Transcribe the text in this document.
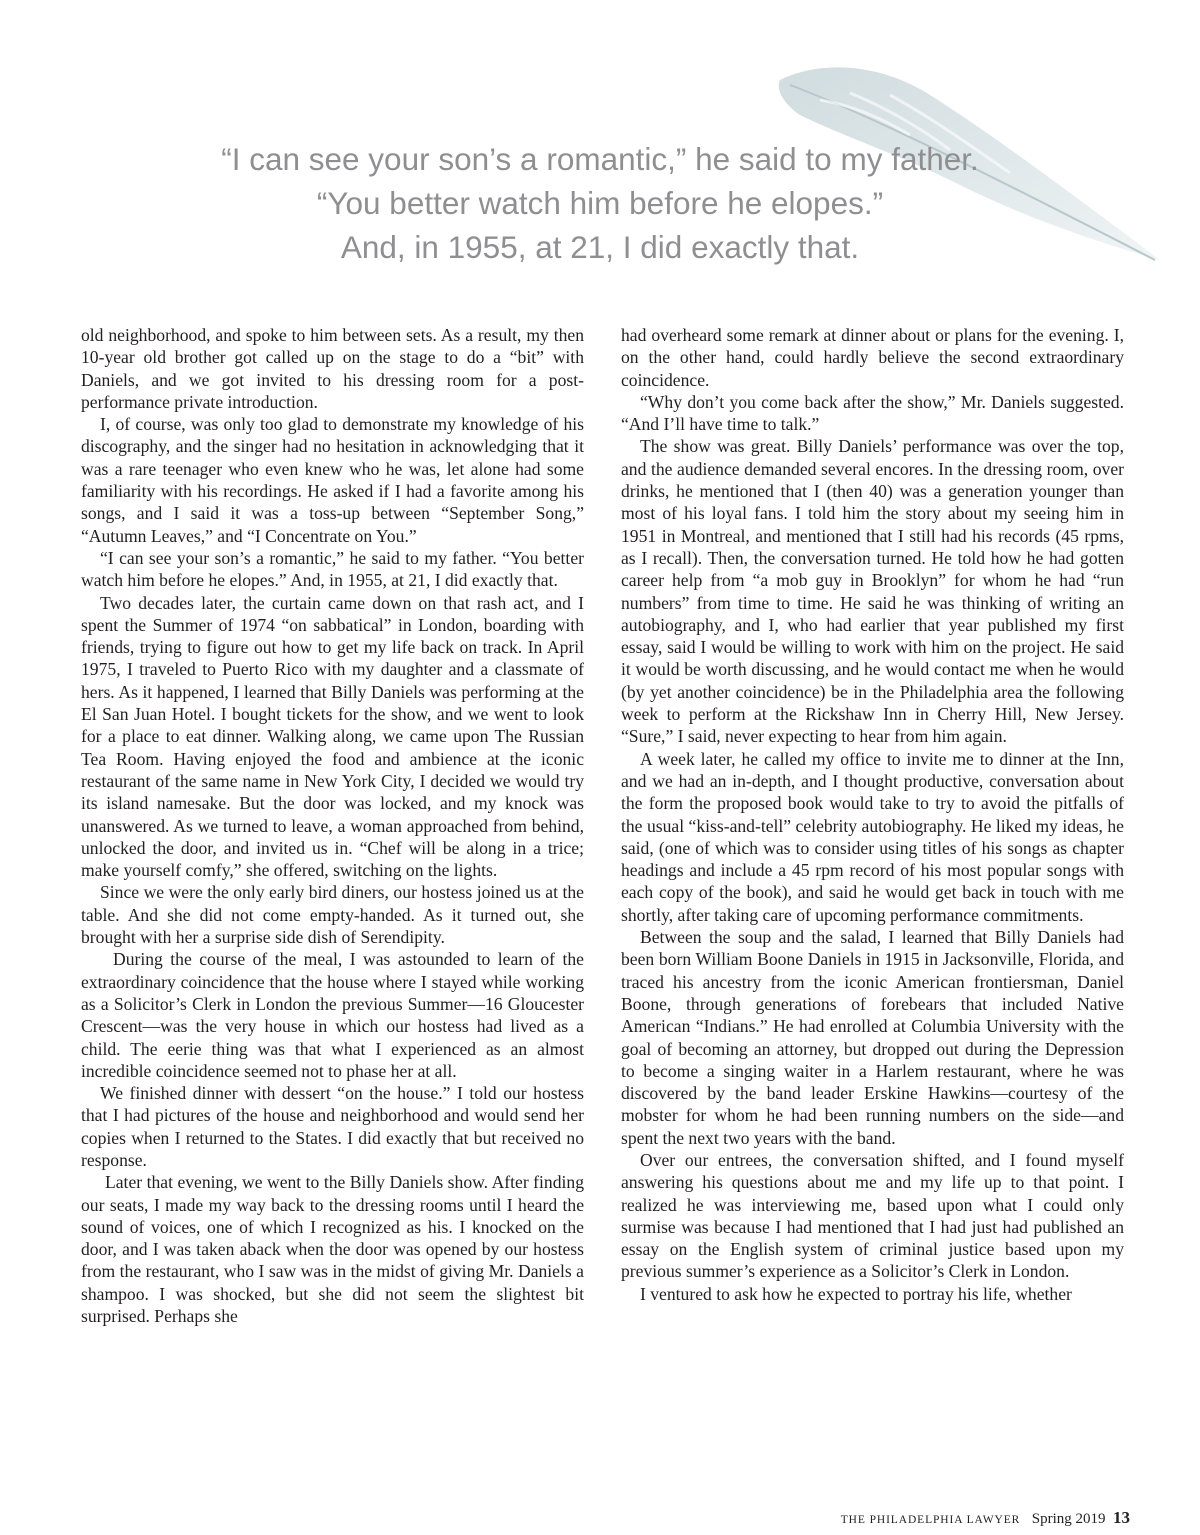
“I can see your son’s a romantic,” he said to my father.
“You better watch him before he elopes.”
And, in 1955, at 21, I did exactly that.

old neighborhood, and spoke to him between sets. As a result, my then 10-year old brother got called up on the stage to do a “bit” with Daniels, and we got invited to his dressing room for a post-performance private introduction.

I, of course, was only too glad to demonstrate my knowledge of his discography, and the singer had no hesitation in acknowledging that it was a rare teenager who even knew who he was, let alone had some familiarity with his recordings. He asked if I had a favorite among his songs, and I said it was a toss-up between “September Song,” “Autumn Leaves,” and “I Concentrate on You.”

“I can see your son’s a romantic,” he said to my father. “You better watch him before he elopes.” And, in 1955, at 21, I did exactly that.

Two decades later, the curtain came down on that rash act, and I spent the Summer of 1974 “on sabbatical” in London, boarding with friends, trying to figure out how to get my life back on track. In April 1975, I traveled to Puerto Rico with my daughter and a classmate of hers. As it happened, I learned that Billy Daniels was performing at the El San Juan Hotel. I bought tickets for the show, and we went to look for a place to eat dinner. Walking along, we came upon The Russian Tea Room. Having enjoyed the food and ambience at the iconic restaurant of the same name in New York City, I decided we would try its island namesake. But the door was locked, and my knock was unanswered. As we turned to leave, a woman approached from behind, unlocked the door, and invited us in. “Chef will be along in a trice; make yourself comfy,” she offered, switching on the lights.

Since we were the only early bird diners, our hostess joined us at the table. And she did not come empty-handed. As it turned out, she brought with her a surprise side dish of Serendipity.

During the course of the meal, I was astounded to learn of the extraordinary coincidence that the house where I stayed while working as a Solicitor’s Clerk in London the previous Summer—16 Gloucester Crescent—was the very house in which our hostess had lived as a child. The eerie thing was that what I experienced as an almost incredible coincidence seemed not to phase her at all.

We finished dinner with dessert “on the house.” I told our hostess that I had pictures of the house and neighborhood and would send her copies when I returned to the States. I did exactly that but received no response.

Later that evening, we went to the Billy Daniels show. After finding our seats, I made my way back to the dressing rooms until I heard the sound of voices, one of which I recognized as his. I knocked on the door, and I was taken aback when the door was opened by our hostess from the restaurant, who I saw was in the midst of giving Mr. Daniels a shampoo. I was shocked, but she did not seem the slightest bit surprised. Perhaps she

had overheard some remark at dinner about or plans for the evening. I, on the other hand, could hardly believe the second extraordinary coincidence.

“Why don’t you come back after the show,” Mr. Daniels suggested. “And I’ll have time to talk.”

The show was great. Billy Daniels’ performance was over the top, and the audience demanded several encores. In the dressing room, over drinks, he mentioned that I (then 40) was a generation younger than most of his loyal fans. I told him the story about my seeing him in 1951 in Montreal, and mentioned that I still had his records (45 rpms, as I recall). Then, the conversation turned. He told how he had gotten career help from “a mob guy in Brooklyn” for whom he had “run numbers” from time to time. He said he was thinking of writing an autobiography, and I, who had earlier that year published my first essay, said I would be willing to work with him on the project. He said it would be worth discussing, and he would contact me when he would (by yet another coincidence) be in the Philadelphia area the following week to perform at the Rickshaw Inn in Cherry Hill, New Jersey. “Sure,” I said, never expecting to hear from him again.

A week later, he called my office to invite me to dinner at the Inn, and we had an in-depth, and I thought productive, conversation about the form the proposed book would take to try to avoid the pitfalls of the usual “kiss-and-tell” celebrity autobiography. He liked my ideas, he said, (one of which was to consider using titles of his songs as chapter headings and include a 45 rpm record of his most popular songs with each copy of the book), and said he would get back in touch with me shortly, after taking care of upcoming performance commitments.

Between the soup and the salad, I learned that Billy Daniels had been born William Boone Daniels in 1915 in Jacksonville, Florida, and traced his ancestry from the iconic American frontiersman, Daniel Boone, through generations of forebears that included Native American “Indians.” He had enrolled at Columbia University with the goal of becoming an attorney, but dropped out during the Depression to become a singing waiter in a Harlem restaurant, where he was discovered by the band leader Erskine Hawkins—courtesy of the mobster for whom he had been running numbers on the side—and spent the next two years with the band.

Over our entrees, the conversation shifted, and I found myself answering his questions about me and my life up to that point. I realized he was interviewing me, based upon what I could only surmise was because I had mentioned that I had just had published an essay on the English system of criminal justice based upon my previous summer’s experience as a Solicitor’s Clerk in London.

I ventured to ask how he expected to portray his life, whether

THE PHILADELPHIA LAWYER Spring 2019 13
